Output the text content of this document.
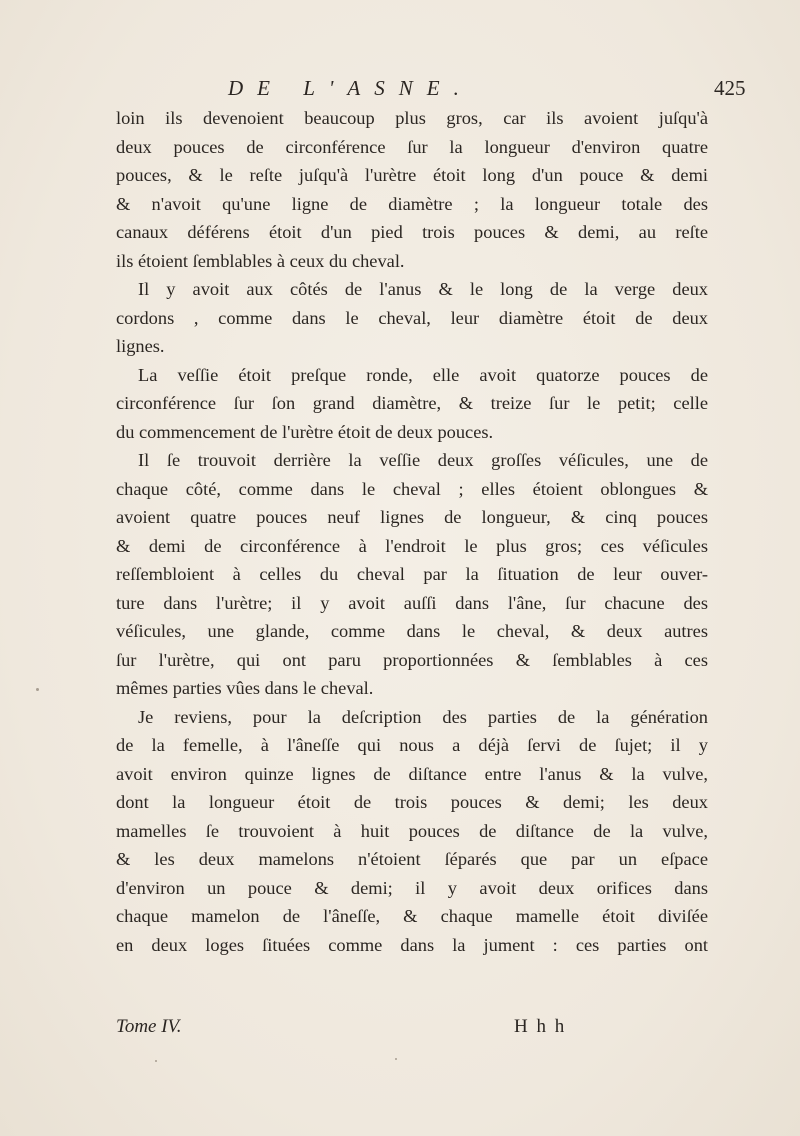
DE L'ASNE.	425
loin ils devenoient beaucoup plus gros, car ils avoient juſqu'à
deux pouces de circonférence ſur la longueur d'environ quatre
pouces, & le reſte juſqu'à l'urètre étoit long d'un pouce & demi
& n'avoit qu'une ligne de diamètre ; la longueur totale des
canaux déférens étoit d'un pied trois pouces & demi, au reſte
ils étoient ſemblables à ceux du cheval.
Il y avoit aux côtés de l'anus & le long de la verge deux
cordons , comme dans le cheval, leur diamètre étoit de deux
lignes.
La veſſie étoit preſque ronde, elle avoit quatorze pouces de
circonférence ſur ſon grand diamètre, & treize ſur le petit; celle
du commencement de l'urètre étoit de deux pouces.
Il ſe trouvoit derrière la veſſie deux groſſes véſicules, une de
chaque côté, comme dans le cheval ; elles étoient oblongues &
avoient quatre pouces neuf lignes de longueur, & cinq pouces
& demi de circonférence à l'endroit le plus gros; ces véſicules
reſſembloient à celles du cheval par la ſituation de leur ouver-
ture dans l'urètre; il y avoit auſſi dans l'âne, ſur chacune des
véſicules, une glande, comme dans le cheval, & deux autres
ſur l'urètre, qui ont paru proportionnées & ſemblables à ces
mêmes parties vûes dans le cheval.
Je reviens, pour la deſcription des parties de la génération
de la femelle, à l'âneſſe qui nous a déjà ſervi de ſujet; il y
avoit environ quinze lignes de diſtance entre l'anus & la vulve,
dont la longueur étoit de trois pouces & demi; les deux
mamelles ſe trouvoient à huit pouces de diſtance de la vulve,
& les deux mamelons n'étoient ſéparés que par un eſpace
d'environ un pouce & demi; il y avoit deux orifices dans
chaque mamelon de l'âneſſe, & chaque mamelle étoit diviſée
en deux loges ſituées comme dans la jument : ces parties ont
Tome IV.	H h h
